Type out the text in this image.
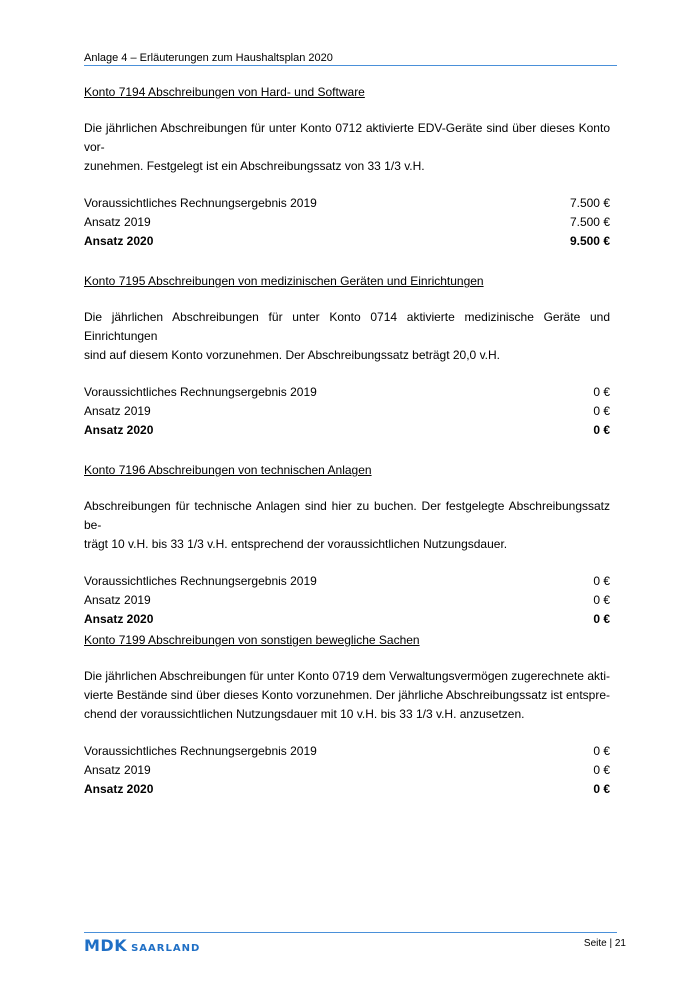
Anlage 4 – Erläuterungen zum Haushaltsplan 2020
Konto 7194 Abschreibungen von Hard- und Software
Die jährlichen Abschreibungen für unter Konto 0712 aktivierte EDV-Geräte sind über dieses Konto vor-
zunehmen. Festgelegt ist ein Abschreibungssatz von 33 1/3 v.H.
Voraussichtliches Rechnungsergebnis 2019	7.500 €
Ansatz 2019	7.500 €
Ansatz 2020	9.500 €
Konto 7195 Abschreibungen von medizinischen Geräten und Einrichtungen
Die jährlichen Abschreibungen für unter Konto 0714 aktivierte medizinische Geräte und Einrichtungen
sind auf diesem Konto vorzunehmen. Der Abschreibungssatz beträgt 20,0 v.H.
Voraussichtliches Rechnungsergebnis 2019	0 €
Ansatz 2019	0 €
Ansatz 2020	0 €
Konto 7196 Abschreibungen von technischen Anlagen
Abschreibungen für technische Anlagen sind hier zu buchen. Der festgelegte Abschreibungssatz be-
trägt 10 v.H. bis 33 1/3 v.H. entsprechend der voraussichtlichen Nutzungsdauer.
Voraussichtliches Rechnungsergebnis 2019	0 €
Ansatz 2019	0 €
Ansatz 2020	0 €
Konto 7199 Abschreibungen von sonstigen bewegliche Sachen
Die jährlichen Abschreibungen für unter Konto 0719 dem Verwaltungsvermögen zugerechnete akti-
vierte Bestände sind über dieses Konto vorzunehmen. Der jährliche Abschreibungssatz ist entspre-
chend der voraussichtlichen Nutzungsdauer mit 10 v.H. bis 33 1/3 v.H. anzusetzen.
Voraussichtliches Rechnungsergebnis 2019	0 €
Ansatz 2019	0 €
Ansatz 2020	0 €
MDK SAARLAND	Seite | 21
